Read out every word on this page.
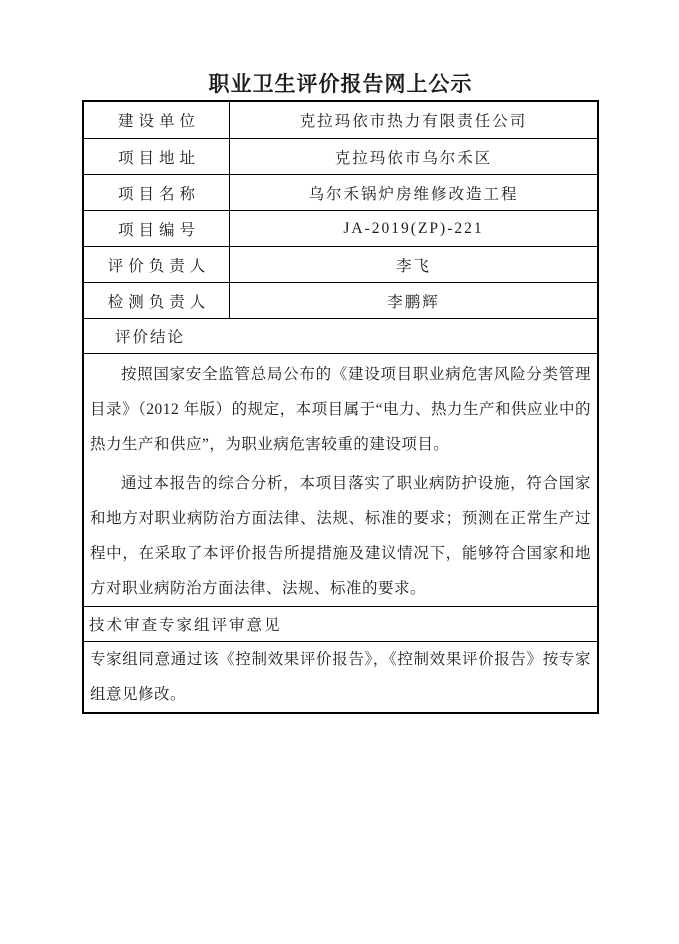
职业卫生评价报告网上公示
建设单位	克拉玛依市热力有限责任公司
项目地址	克拉玛依市乌尔禾区
项目名称	乌尔禾锅炉房维修改造工程
项目编号	JA-2019(ZP)-221
评价负责人	李飞
检测负责人	李鹏辉
评价结论
按照国家安全监管总局公布的《建设项目职业病危害风险分类管理目录》（2012 年版）的规定，本项目属于“电力、热力生产和供应业中的热力生产和供应”，为职业病危害较重的建设项目。
通过本报告的综合分析，本项目落实了职业病防护设施，符合国家和地方对职业病防治方面法律、法规、标准的要求；预测在正常生产过程中，在采取了本评价报告所提措施及建议情况下，能够符合国家和地方对职业病防治方面法律、法规、标准的要求。
技术审查专家组评审意见
专家组同意通过该《控制效果评价报告》，《控制效果评价报告》按专家组意见修改。
